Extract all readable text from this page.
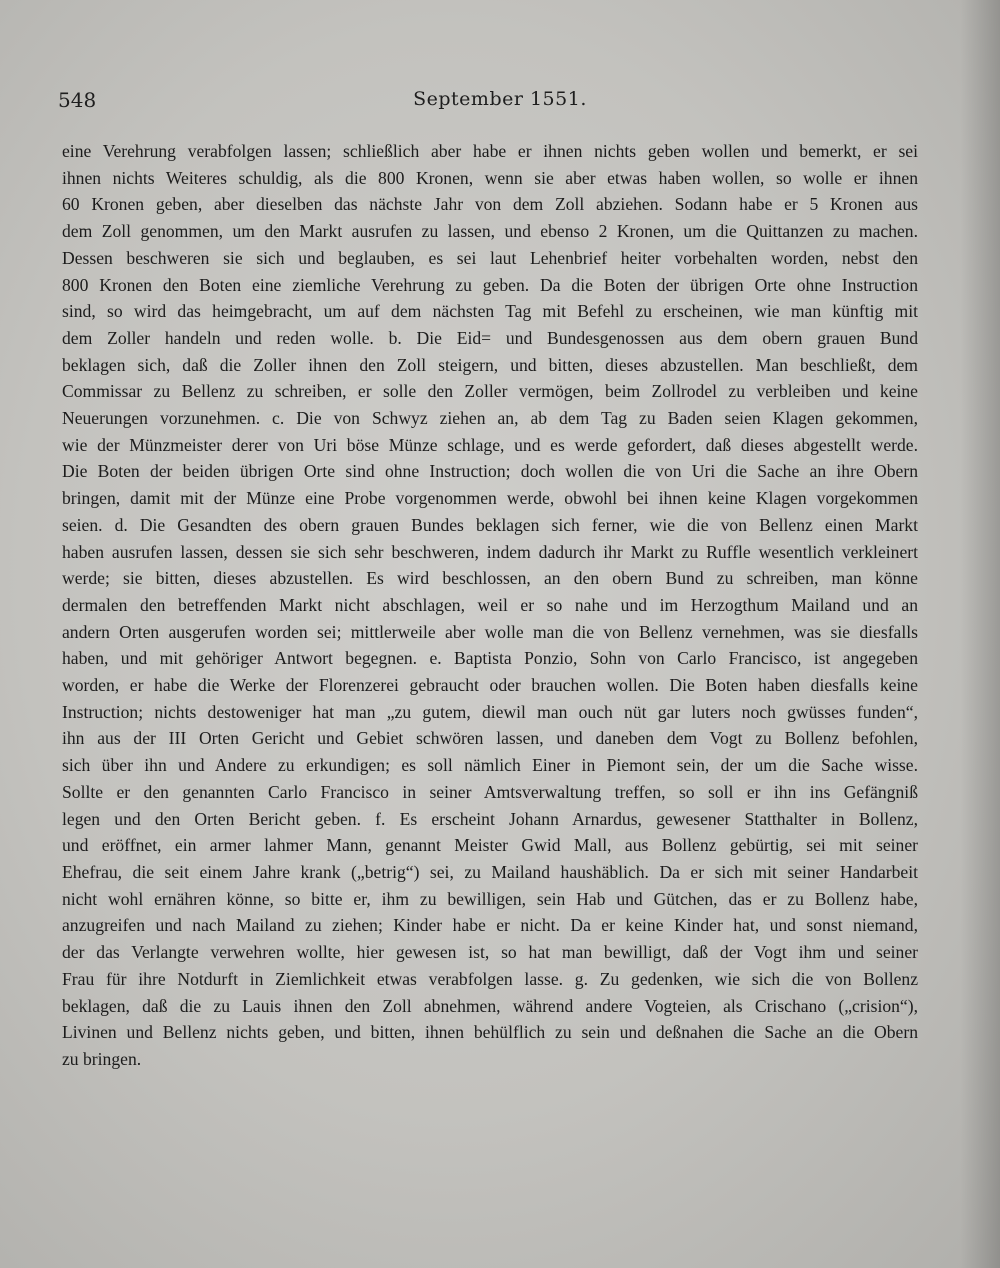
548	September 1551.

eine Verehrung verabfolgen lassen; schließlich aber habe er ihnen nichts geben wollen und bemerkt, er sei
ihnen nichts Weiteres schuldig, als die 800 Kronen, wenn sie aber etwas haben wollen, so wolle er ihnen
60 Kronen geben, aber dieselben das nächste Jahr von dem Zoll abziehen. Sodann habe er 5 Kronen aus
dem Zoll genommen, um den Markt ausrufen zu lassen, und ebenso 2 Kronen, um die Quittanzen zu machen.
Dessen beschweren sie sich und beglauben, es sei laut Lehenbrief heiter vorbehalten worden, nebst den
800 Kronen den Boten eine ziemliche Verehrung zu geben. Da die Boten der übrigen Orte ohne Instruction
sind, so wird das heimgebracht, um auf dem nächsten Tag mit Befehl zu erscheinen, wie man künftig mit
dem Zoller handeln und reden wolle. b. Die Eid= und Bundesgenossen aus dem obern grauen Bund
beklagen sich, daß die Zoller ihnen den Zoll steigern, und bitten, dieses abzustellen. Man beschließt, dem
Commissar zu Bellenz zu schreiben, er solle den Zoller vermögen, beim Zollrodel zu verbleiben und keine
Neuerungen vorzunehmen. c. Die von Schwyz ziehen an, ab dem Tag zu Baden seien Klagen gekommen,
wie der Münzmeister derer von Uri böse Münze schlage, und es werde gefordert, daß dieses abgestellt werde.
Die Boten der beiden übrigen Orte sind ohne Instruction; doch wollen die von Uri die Sache an ihre Obern
bringen, damit mit der Münze eine Probe vorgenommen werde, obwohl bei ihnen keine Klagen vorgekommen
seien. d. Die Gesandten des obern grauen Bundes beklagen sich ferner, wie die von Bellenz einen Markt
haben ausrufen lassen, dessen sie sich sehr beschweren, indem dadurch ihr Markt zu Ruffle wesentlich verkleinert
werde; sie bitten, dieses abzustellen. Es wird beschlossen, an den obern Bund zu schreiben, man könne
dermalen den betreffenden Markt nicht abschlagen, weil er so nahe und im Herzogthum Mailand und an
andern Orten ausgerufen worden sei; mittlerweile aber wolle man die von Bellenz vernehmen, was sie diesfalls
haben, und mit gehöriger Antwort begegnen. e. Baptista Ponzio, Sohn von Carlo Francisco, ist angegeben
worden, er habe die Werke der Florenzerei gebraucht oder brauchen wollen. Die Boten haben diesfalls keine
Instruction; nichts destoweniger hat man „zu gutem, diewil man ouch nüt gar luters noch gwüsses funden“,
ihn aus der III Orten Gericht und Gebiet schwören lassen, und daneben dem Vogt zu Bollenz befohlen,
sich über ihn und Andere zu erkundigen; es soll nämlich Einer in Piemont sein, der um die Sache wisse.
Sollte er den genannten Carlo Francisco in seiner Amtsverwaltung treffen, so soll er ihn ins Gefängniß
legen und den Orten Bericht geben. f. Es erscheint Johann Arnardus, gewesener Statthalter in Bollenz,
und eröffnet, ein armer lahmer Mann, genannt Meister Gwid Mall, aus Bollenz gebürtig, sei mit seiner
Ehefrau, die seit einem Jahre krank („betrig“) sei, zu Mailand haushäblich. Da er sich mit seiner Handarbeit
nicht wohl ernähren könne, so bitte er, ihm zu bewilligen, sein Hab und Gütchen, das er zu Bollenz habe,
anzugreifen und nach Mailand zu ziehen; Kinder habe er nicht. Da er keine Kinder hat, und sonst niemand,
der das Verlangte verwehren wollte, hier gewesen ist, so hat man bewilligt, daß der Vogt ihm und seiner
Frau für ihre Notdurft in Ziemlichkeit etwas verabfolgen lasse. g. Zu gedenken, wie sich die von Bollenz
beklagen, daß die zu Lauis ihnen den Zoll abnehmen, während andere Vogteien, als Crischano („crision“),
Livinen und Bellenz nichts geben, und bitten, ihnen behülflich zu sein und deßnahen die Sache an die Obern
zu bringen.
